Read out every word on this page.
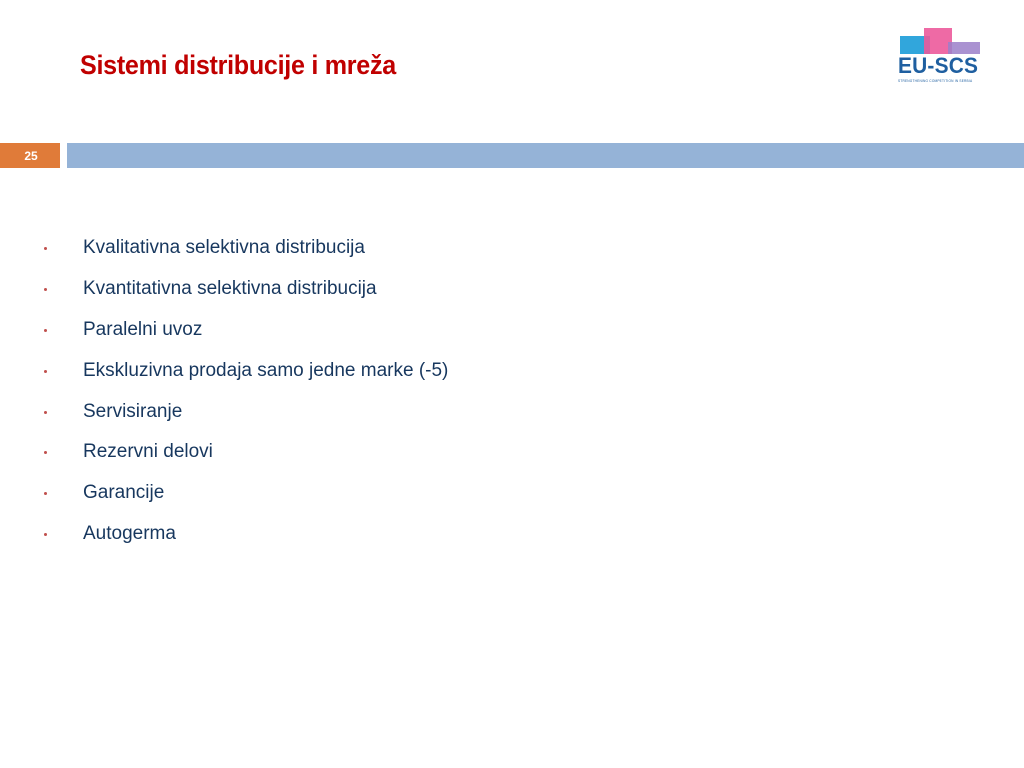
Sistemi distribucije i mreža	EU-SCS
STRENGTHENING COMPETITION IN SERBIA
25
Kvalitativna selektivna distribucija
Kvantitativna selektivna distribucija
Paralelni uvoz
Ekskluzivna prodaja samo jedne marke (-5)
Servisiranje
Rezervni delovi
Garancije
Autogerma
